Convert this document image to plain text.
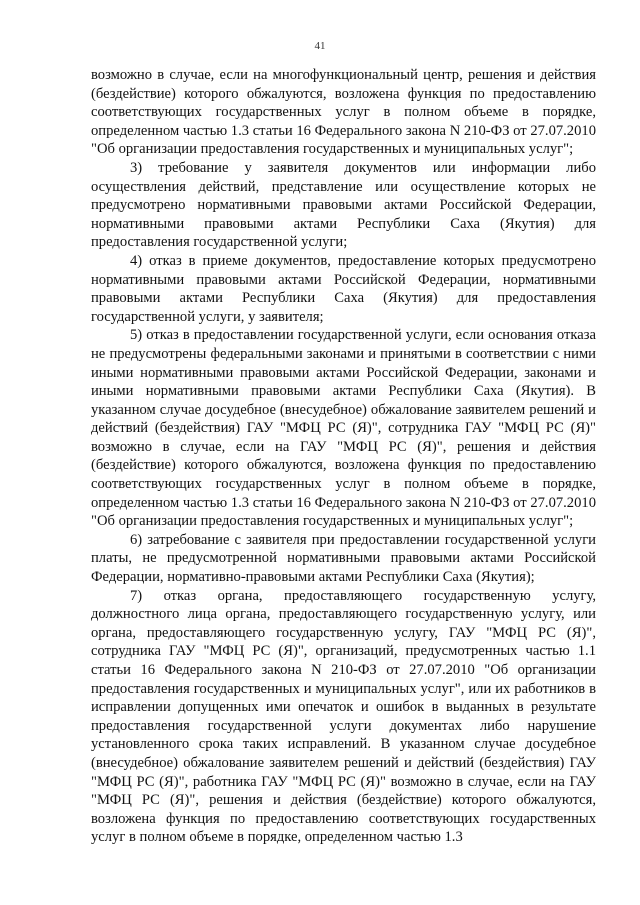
41

возможно в случае, если на многофункциональный центр, решения и действия (бездействие) которого обжалуются, возложена функция по предоставлению соответствующих государственных услуг в полном объеме в порядке, определенном частью 1.3 статьи 16 Федерального закона N 210-ФЗ от 27.07.2010 "Об организации предоставления государственных и муниципальных услуг";

3) требование у заявителя документов или информации либо осуществления действий, представление или осуществление которых не предусмотрено нормативными правовыми актами Российской Федерации, нормативными правовыми актами Республики Саха (Якутия) для предоставления государственной услуги;

4) отказ в приеме документов, предоставление которых предусмотрено нормативными правовыми актами Российской Федерации, нормативными правовыми актами Республики Саха (Якутия) для предоставления государственной услуги, у заявителя;

5) отказ в предоставлении государственной услуги, если основания отказа не предусмотрены федеральными законами и принятыми в соответствии с ними иными нормативными правовыми актами Российской Федерации, законами и иными нормативными правовыми актами Республики Саха (Якутия). В указанном случае досудебное (внесудебное) обжалование заявителем решений и действий (бездействия) ГАУ "МФЦ РС (Я)", сотрудника ГАУ "МФЦ РС (Я)" возможно в случае, если на ГАУ "МФЦ РС (Я)", решения и действия (бездействие) которого обжалуются, возложена функция по предоставлению соответствующих государственных услуг в полном объеме в порядке, определенном частью 1.3 статьи 16 Федерального закона N 210-ФЗ от 27.07.2010 "Об организации предоставления государственных и муниципальных услуг";

6) затребование с заявителя при предоставлении государственной услуги платы, не предусмотренной нормативными правовыми актами Российской Федерации, нормативно-правовыми актами Республики Саха (Якутия);

7) отказ органа, предоставляющего государственную услугу, должностного лица органа, предоставляющего государственную услугу, или органа, предоставляющего государственную услугу, ГАУ "МФЦ РС (Я)", сотрудника ГАУ "МФЦ РС (Я)", организаций, предусмотренных частью 1.1 статьи 16 Федерального закона N 210-ФЗ от 27.07.2010 "Об организации предоставления государственных и муниципальных услуг", или их работников в исправлении допущенных ими опечаток и ошибок в выданных в результате предоставления государственной услуги документах либо нарушение установленного срока таких исправлений. В указанном случае досудебное (внесудебное) обжалование заявителем решений и действий (бездействия) ГАУ "МФЦ РС (Я)", работника ГАУ "МФЦ РС (Я)" возможно в случае, если на ГАУ "МФЦ РС (Я)", решения и действия (бездействие) которого обжалуются, возложена функция по предоставлению соответствующих государственных услуг в полном объеме в порядке, определенном частью 1.3
